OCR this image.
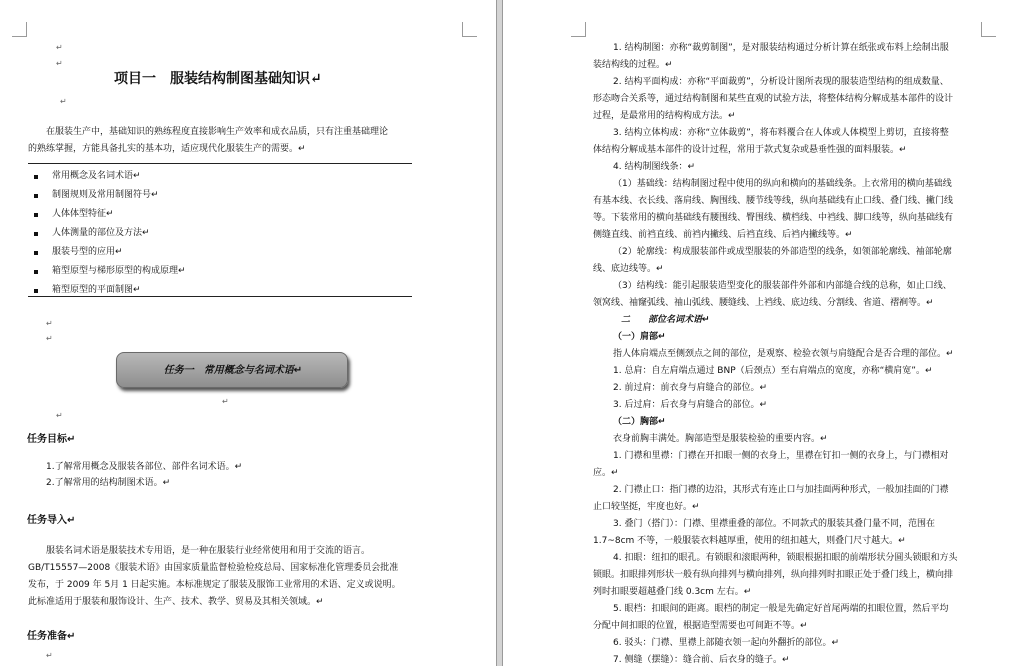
↵
↵
项目一　服装结构制图基础知识↵
↵
在服装生产中，基础知识的熟练程度直接影响生产效率和成衣品质，只有注重基础理论
的熟练掌握，方能具备扎实的基本功，适应现代化服装生产的需要。↵
常用概念及名词术语↵
制图规则及常用制图符号↵
人体体型特征↵
人体测量的部位及方法↵
服装号型的应用↵
箱型原型与梯形原型的构成原理↵
箱型原型的平面制图↵
↵
↵
任务一　常用概念与名词术语↵
↵
↵
任务目标↵
1.了解常用概念及服装各部位、部件名词术语。↵
2.了解常用的结构制图术语。↵
任务导入↵
服装名词术语是服装技术专用语，是一种在服装行业经常使用和用于交流的语言。
GB/T15557—2008《服装术语》由国家质量监督检验检疫总局、国家标准化管理委员会批准
发布，于 2009 年 5月 1 日起实施。本标准规定了服装及服饰工业常用的术语、定义或说明。
此标准适用于服装和服饰设计、生产、技术、教学、贸易及其相关领域。↵
任务准备↵
↵
1. 结构制图：亦称“裁剪制图”，是对服装结构通过分析计算在纸张或布料上绘制出服
装结构线的过程。↵
2. 结构平面构成：亦称“平面裁剪”，分析设计图所表现的服装造型结构的组成数量、
形态吻合关系等，通过结构制图和某些直观的试验方法，将整体结构分解成基本部件的设计
过程，是最常用的结构构成方法。↵
3. 结构立体构成：亦称“立体裁剪”，将布料覆合在人体或人体模型上剪切，直接将整
体结构分解成基本部件的设计过程，常用于款式复杂或悬垂性强的面料服装。↵
4. 结构制图线条：↵
（1）基础线：结构制图过程中使用的纵向和横向的基础线条。上衣常用的横向基础线
有基本线、衣长线、落肩线、胸围线、腰节线等线，纵向基础线有止口线、叠门线、撇门线
等。下装常用的横向基础线有腰围线、臀围线、横档线、中裆线、脚口线等，纵向基础线有
侧缝直线、前裆直线、前裆内撇线、后裆直线、后裆内撇线等。↵
（2）轮廓线：构成服装部件或成型服装的外部造型的线条，如领部轮廓线、袖部轮廓
线、底边线等。↵
（3）结构线：能引起服装造型变化的服装部件外部和内部缝合线的总称，如止口线、
领窝线、袖窿弧线、袖山弧线、腰缝线、上裆线、底边线、分割线、省道、褶裥等。↵
二　　部位名词术语↵
（一）肩部↵
指人体肩端点至侧颈点之间的部位，是观察、检验衣领与肩缝配合是否合理的部位。↵
1. 总肩：自左肩端点通过 BNP（后颈点）至右肩端点的宽度，亦称“横肩宽”。↵
2. 前过肩：前衣身与肩缝合的部位。↵
3. 后过肩：后衣身与肩缝合的部位。↵
（二）胸部↵
衣身前胸丰满处。胸部造型是服装检验的重要内容。↵
1. 门襟和里襟：门襟在开扣眼一侧的衣身上，里襟在钉扣一侧的衣身上，与门襟相对
应。↵
2. 门襟止口：指门襟的边沿，其形式有连止口与加挂面两种形式，一般加挂面的门襟
止口较坚挺，牢度也好。↵
3. 叠门（搭门）：门襟、里襟重叠的部位。不同款式的服装其叠门量不同，范围在
1.7~8cm 不等，一般服装衣料越厚重，使用的纽扣越大，则叠门尺寸越大。↵
4. 扣眼：纽扣的眼孔。有锁眼和滚眼两种，锁眼根据扣眼的前端形状分圆头锁眼和方头
锁眼。扣眼排列形状一般有纵向排列与横向排列，纵向排列时扣眼正处于叠门线上，横向排
列时扣眼要超越叠门线 0.3cm 左右。↵
5. 眼档：扣眼间的距离。眼档的制定一般是先确定好首尾两端的扣眼位置，然后平均
分配中间扣眼的位置，根据造型需要也可间距不等。↵
6. 驳头：门襟、里襟上部随衣领一起向外翻折的部位。↵
7. 侧缝（摆缝）：缝合前、后衣身的缝子。↵
